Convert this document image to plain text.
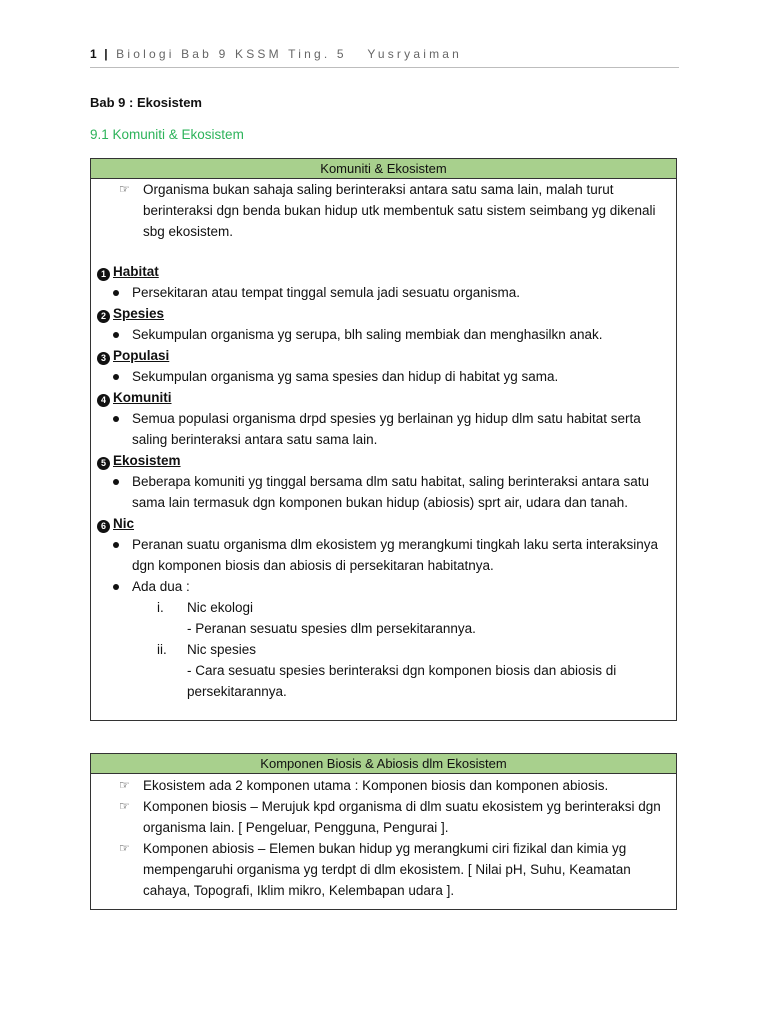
1 | Biologi Bab 9 KSSM Ting. 5 Yusryaiman
Bab 9 : Ekosistem
9.1 Komuniti & Ekosistem
Komuniti & Ekosistem
☞ Organisma bukan sahaja saling berinteraksi antara satu sama lain, malah turut berinteraksi dgn benda bukan hidup utk membentuk satu sistem seimbang yg dikenali sbg ekosistem.
1 Habitat
Persekitaran atau tempat tinggal semula jadi sesuatu organisma.
2 Spesies
Sekumpulan organisma yg serupa, blh saling membiak dan menghasilkn anak.
3 Populasi
Sekumpulan organisma yg sama spesies dan hidup di habitat yg sama.
4 Komuniti
Semua populasi organisma drpd spesies yg berlainan yg hidup dlm satu habitat serta saling berinteraksi antara satu sama lain.
5 Ekosistem
Beberapa komuniti yg tinggal bersama dlm satu habitat, saling berinteraksi antara satu sama lain termasuk dgn komponen bukan hidup (abiosis) sprt air, udara dan tanah.
6 Nic
Peranan suatu organisma dlm ekosistem yg merangkumi tingkah laku serta interaksinya dgn komponen biosis dan abiosis di persekitaran habitatnya.
Ada dua :
i. Nic ekologi
- Peranan sesuatu spesies dlm persekitarannya.
ii. Nic spesies
- Cara sesuatu spesies berinteraksi dgn komponen biosis dan abiosis di persekitarannya.
Komponen Biosis & Abiosis dlm Ekosistem
☞ Ekosistem ada 2 komponen utama : Komponen biosis dan komponen abiosis.
☞ Komponen biosis – Merujuk kpd organisma di dlm suatu ekosistem yg berinteraksi dgn organisma lain. [ Pengeluar, Pengguna, Pengurai ].
☞ Komponen abiosis – Elemen bukan hidup yg merangkumi ciri fizikal dan kimia yg mempengaruhi organisma yg terdpt di dlm ekosistem. [ Nilai pH, Suhu, Keamatan cahaya, Topografi, Iklim mikro, Kelembapan udara ].
